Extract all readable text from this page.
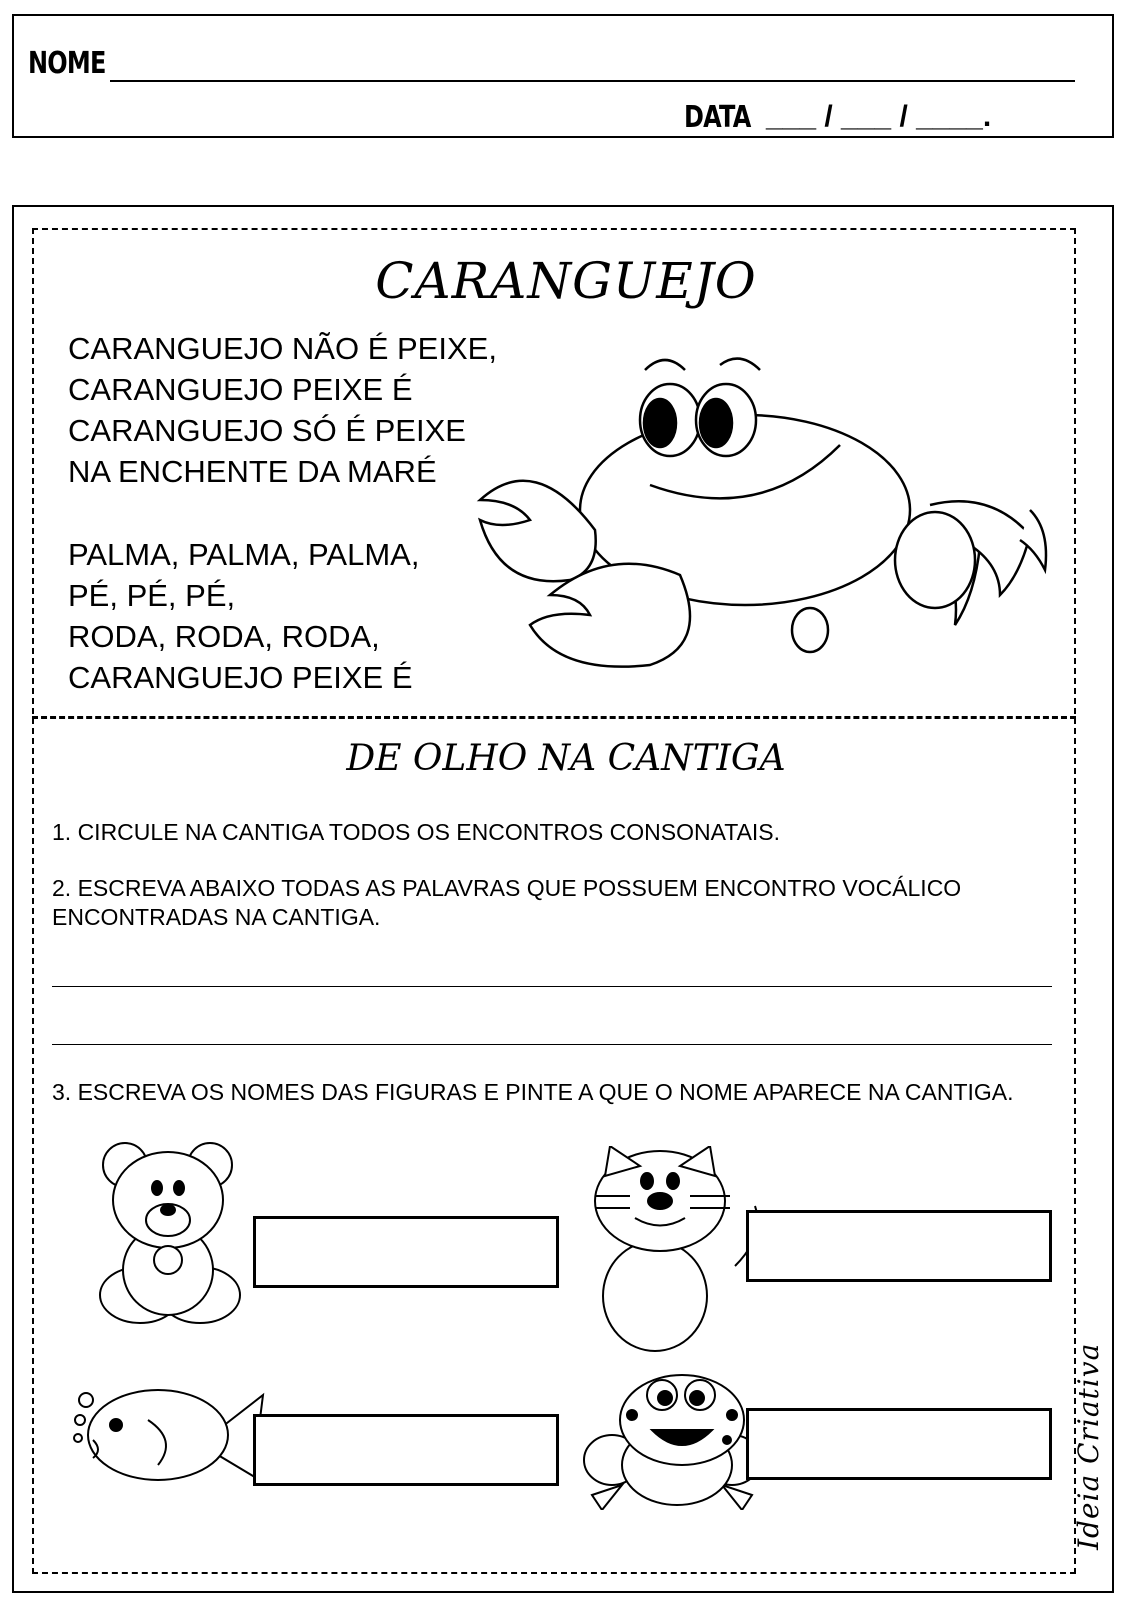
NOME
DATA ___ / ___ / ____.
CARANGUEJO
CARANGUEJO NÃO É PEIXE,
CARANGUEJO PEIXE É
CARANGUEJO SÓ É PEIXE
NA ENCHENTE DA MARÉ
PALMA, PALMA, PALMA,
PÉ, PÉ, PÉ,
RODA, RODA, RODA,
CARANGUEJO PEIXE É
DE OLHO NA CANTIGA
1. CIRCULE NA CANTIGA TODOS OS ENCONTROS CONSONATAIS.
2. ESCREVA ABAIXO TODAS AS PALAVRAS QUE POSSUEM ENCONTRO VOCÁLICO ENCONTRADAS NA CANTIGA.
3. ESCREVA OS NOMES DAS FIGURAS E PINTE A QUE O NOME APARECE NA CANTIGA.
Ideia Criativa
